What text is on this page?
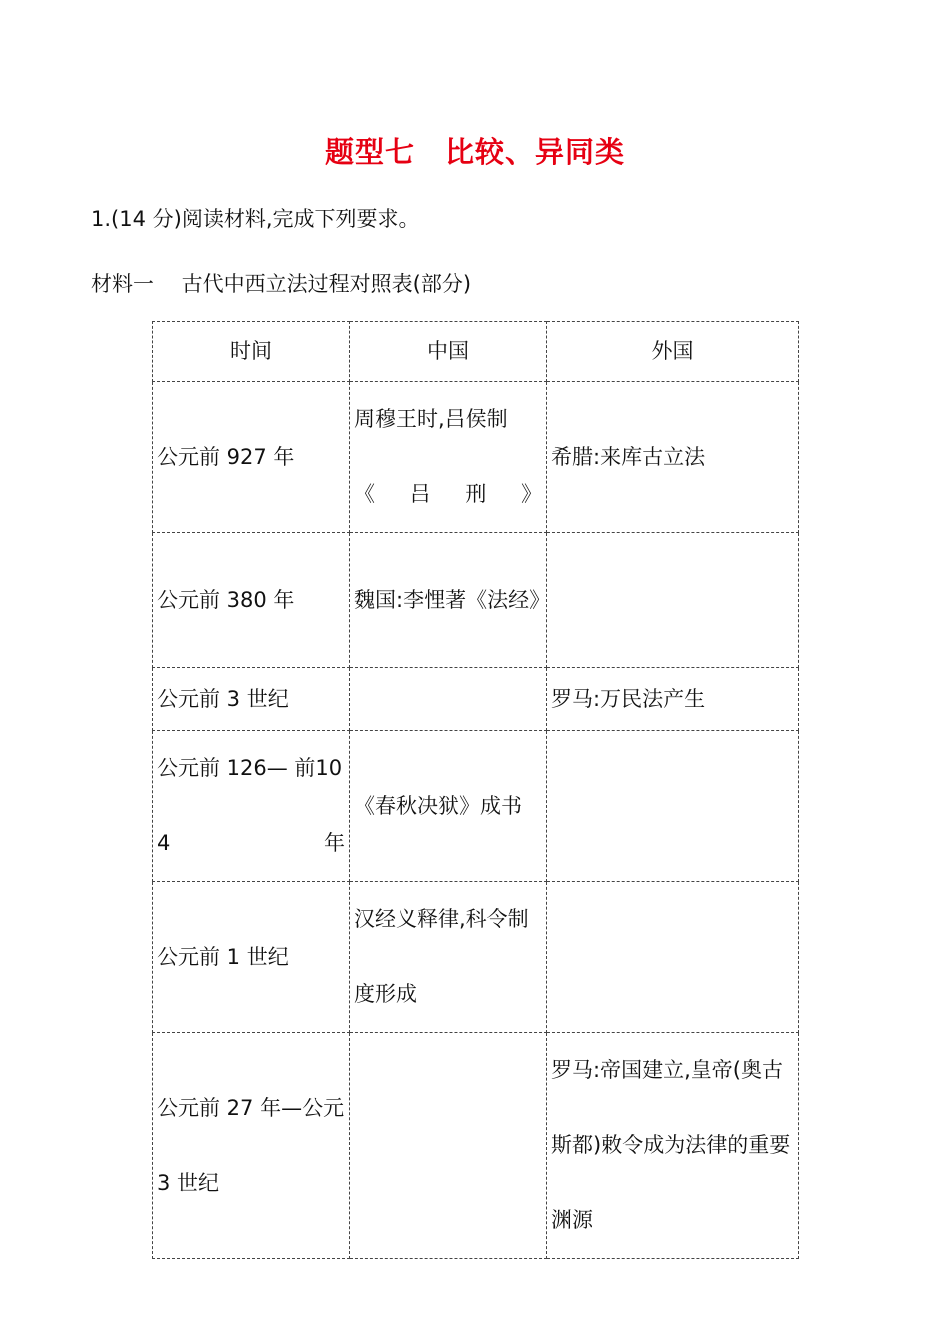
题型七　比较、异同类
1.(14 分)阅读材料,完成下列要求。
材料一　 古代中西立法过程对照表(部分)
时间	中国	外国
公元前 927 年	周穆王时,吕侯制《吕刑》	希腊:来库古立法
公元前 380 年	魏国:李悝著《法经》	
公元前 3 世纪		罗马:万民法产生
公元前 126— 前104 年	《春秋决狱》成书	
公元前 1 世纪	汉经义释律,科令制度形成	
公元前 27 年—公元 3 世纪		罗马:帝国建立,皇帝(奥古斯都)敕令成为法律的重要渊源
